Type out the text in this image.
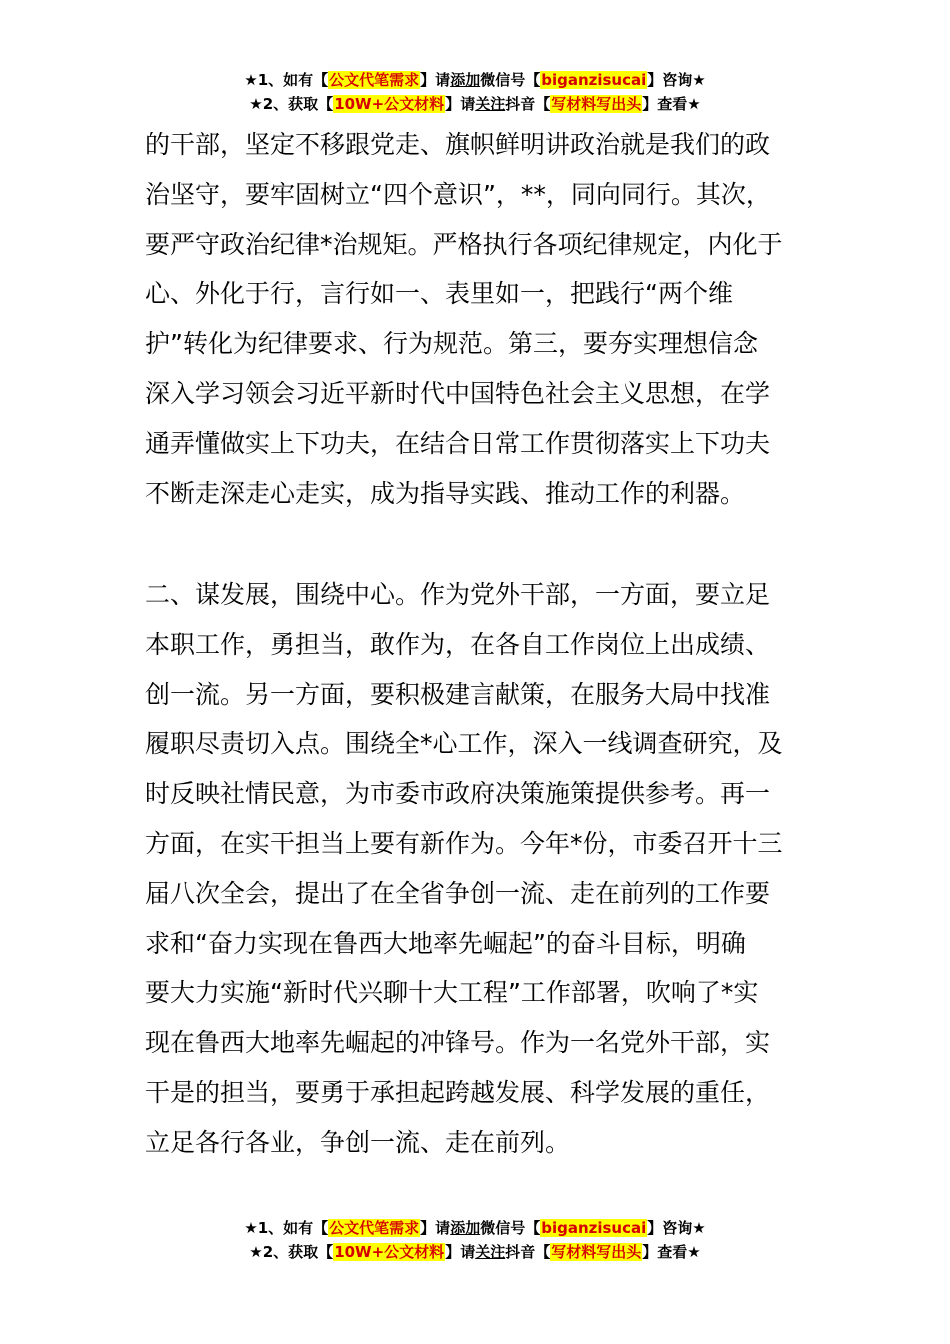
★1、如有【公文代笔需求】请添加微信号【biganzisucai】咨询★
★2、获取【10W+公文材料】请关注抖音【写材料写出头】查看★
的干部，坚定不移跟党走、旗帜鲜明讲政治就是我们的政
治坚守，要牢固树立“四个意识”，**，同向同行。其次，
要严守政治纪律*治规矩。严格执行各项纪律规定，内化于
心、外化于行，言行如一、表里如一，把践行“两个维
护”转化为纪律要求、行为规范。第三，要夯实理想信念
深入学习领会习近平新时代中国特色社会主义思想，在学
通弄懂做实上下功夫，在结合日常工作贯彻落实上下功夫
不断走深走心走实，成为指导实践、推动工作的利器。
二、谋发展，围绕中心。作为党外干部，一方面，要立足
本职工作，勇担当，敢作为，在各自工作岗位上出成绩、
创一流。另一方面，要积极建言献策，在服务大局中找准
履职尽责切入点。围绕全*心工作，深入一线调查研究，及
时反映社情民意，为市委市政府决策施策提供参考。再一
方面，在实干担当上要有新作为。今年*份，市委召开十三
届八次全会，提出了在全省争创一流、走在前列的工作要
求和“奋力实现在鲁西大地率先崛起”的奋斗目标，明确
要大力实施“新时代兴聊十大工程”工作部署，吹响了*实
现在鲁西大地率先崛起的冲锋号。作为一名党外干部，实
干是的担当，要勇于承担起跨越发展、科学发展的重任，
立足各行各业，争创一流、走在前列。
★1、如有【公文代笔需求】请添加微信号【biganzisucai】咨询★
★2、获取【10W+公文材料】请关注抖音【写材料写出头】查看★
